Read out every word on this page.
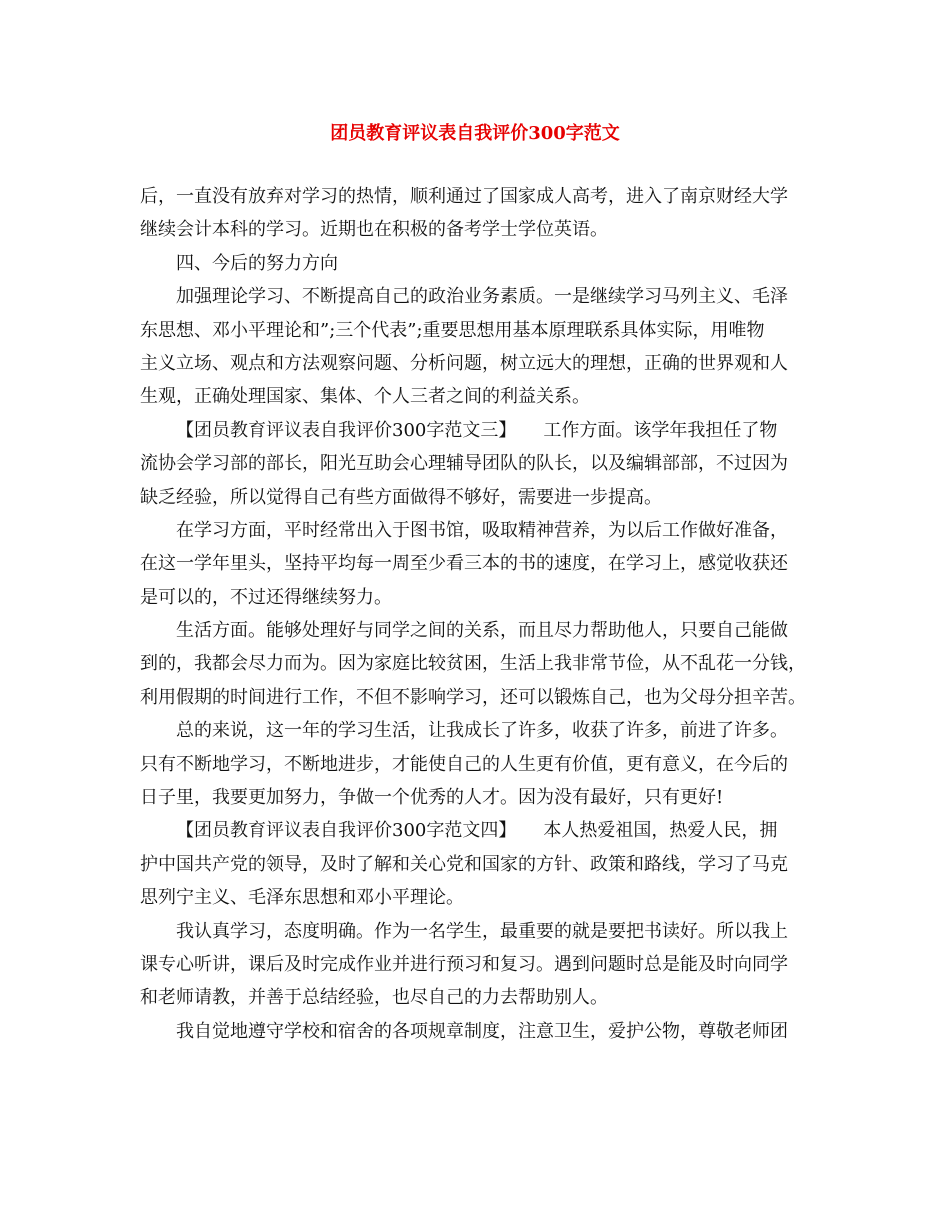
团员教育评议表自我评价300字范文
后，一直没有放弃对学习的热情，顺利通过了国家成人高考，进入了南京财经大学
继续会计本科的学习。近期也在积极的备考学士学位英语。
四、今后的努力方向
加强理论学习、不断提高自己的政治业务素质。一是继续学习马列主义、毛泽
东思想、邓小平理论和”;三个代表”;重要思想用基本原理联系具体实际，用唯物
主义立场、观点和方法观察问题、分析问题，树立远大的理想，正确的世界观和人
生观，正确处理国家、集体、个人三者之间的利益关系。
【团员教育评议表自我评价300字范文三】　　工作方面。该学年我担任了物
流协会学习部的部长，阳光互助会心理辅导团队的队长，以及编辑部部，不过因为
缺乏经验，所以觉得自己有些方面做得不够好，需要进一步提高。
在学习方面，平时经常出入于图书馆，吸取精神营养，为以后工作做好准备，
在这一学年里头，坚持平均每一周至少看三本的书的速度，在学习上，感觉收获还
是可以的，不过还得继续努力。
生活方面。能够处理好与同学之间的关系，而且尽力帮助他人，只要自己能做
到的，我都会尽力而为。因为家庭比较贫困，生活上我非常节俭，从不乱花一分钱，
利用假期的时间进行工作，不但不影响学习，还可以锻炼自己，也为父母分担辛苦。
总的来说，这一年的学习生活，让我成长了许多，收获了许多，前进了许多。
只有不断地学习，不断地进步，才能使自己的人生更有价值，更有意义，在今后的
日子里，我要更加努力，争做一个优秀的人才。因为没有最好，只有更好!
【团员教育评议表自我评价300字范文四】　　本人热爱祖国，热爱人民，拥
护中国共产党的领导，及时了解和关心党和国家的方针、政策和路线，学习了马克
思列宁主义、毛泽东思想和邓小平理论。
我认真学习，态度明确。作为一名学生，最重要的就是要把书读好。所以我上
课专心听讲，课后及时完成作业并进行预习和复习。遇到问题时总是能及时向同学
和老师请教，并善于总结经验，也尽自己的力去帮助别人。
我自觉地遵守学校和宿舍的各项规章制度，注意卫生，爱护公物，尊敬老师团
